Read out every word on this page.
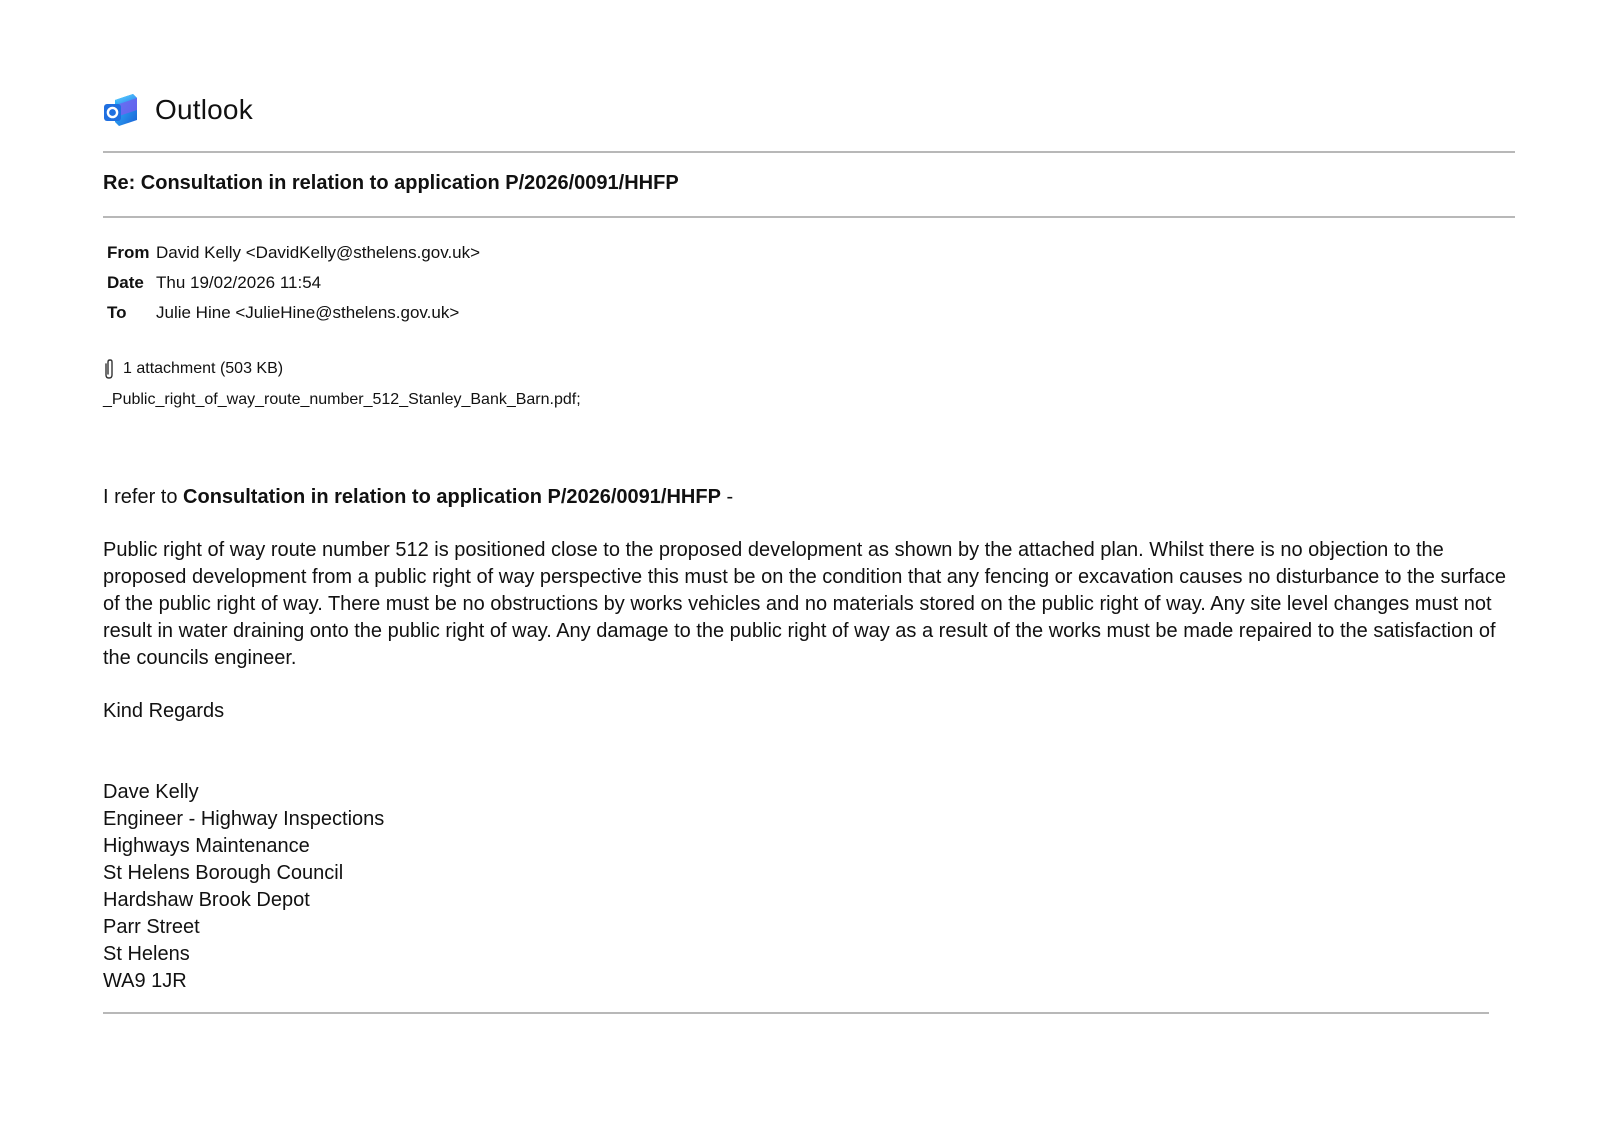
Outlook
Re: Consultation in relation to application P/2026/0091/HHFP
From David Kelly <DavidKelly@sthelens.gov.uk>
Date Thu 19/02/2026 11:54
To	Julie Hine <JulieHine@sthelens.gov.uk>
1 attachment (503 KB)
_Public_right_of_way_route_number_512_Stanley_Bank_Barn.pdf;

I refer to Consultation in relation to application P/2026/0091/HHFP -

Public right of way route number 512 is positioned close to the proposed development as shown by the attached plan. Whilst there is no objection to the proposed development from a public right of way perspective this must be on the condition that any fencing or excavation causes no disturbance to the surface of the public right of way. There must be no obstructions by works vehicles and no materials stored on the public right of way. Any site level changes must not result in water draining onto the public right of way. Any damage to the public right of way as a result of the works must be made repaired to the satisfaction of the councils engineer.

Kind Regards

Dave Kelly
Engineer - Highway Inspections
Highways Maintenance
St Helens Borough Council
Hardshaw Brook Depot
Parr Street
St Helens
WA9 1JR
